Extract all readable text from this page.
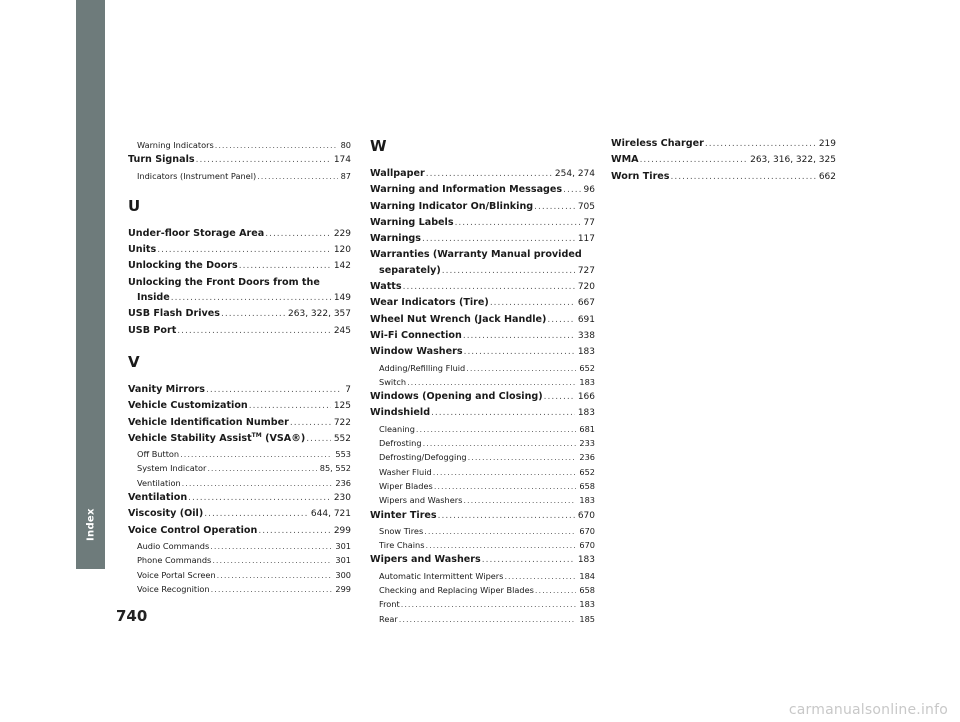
Index
Warning Indicators .....	80
Turn Signals .....	174
Indicators (Instrument Panel) .....	87
U
Under-floor Storage Area .....	229
Units .....	120
Unlocking the Doors .....	142
Unlocking the Front Doors from the
Inside .....	149
USB Flash Drives .....	263, 322, 357
USB Port .....	245
V
Vanity Mirrors .....	7
Vehicle Customization .....	125
Vehicle Identification Number .....	722
Vehicle Stability Assist™ (VSA®) .....	552
Off Button .....	553
System Indicator .....	85, 552
Ventilation .....	236
Ventilation .....	230
Viscosity (Oil) .....	644, 721
Voice Control Operation .....	299
Audio Commands .....	301
Phone Commands .....	301
Voice Portal Screen .....	300
Voice Recognition .....	299
W
Wallpaper .....	254, 274
Warning and Information Messages ..... 96
Warning Indicator On/Blinking .....	705
Warning Labels .....	77
Warnings .....	117
Warranties (Warranty Manual provided
separately) .....	727
Watts .....	720
Wear Indicators (Tire) .....	667
Wheel Nut Wrench (Jack Handle) .....	691
Wi-Fi Connection .....	338
Window Washers .....	183
Adding/Refilling Fluid .....	652
Switch .....	183
Windows (Opening and Closing) .....	166
Windshield .....	183
Cleaning .....	681
Defrosting .....	233
Defrosting/Defogging .....	236
Washer Fluid .....	652
Wiper Blades .....	658
Wipers and Washers .....	183
Winter Tires .....	670
Snow Tires .....	670
Tire Chains .....	670
Wipers and Washers .....	183
Automatic Intermittent Wipers .....	184
Checking and Replacing Wiper Blades .....	658
Front .....	183
Rear .....	185
Wireless Charger .....	219
WMA .....	263, 316, 322, 325
Worn Tires .....	662
740
carmanualsonline.info
